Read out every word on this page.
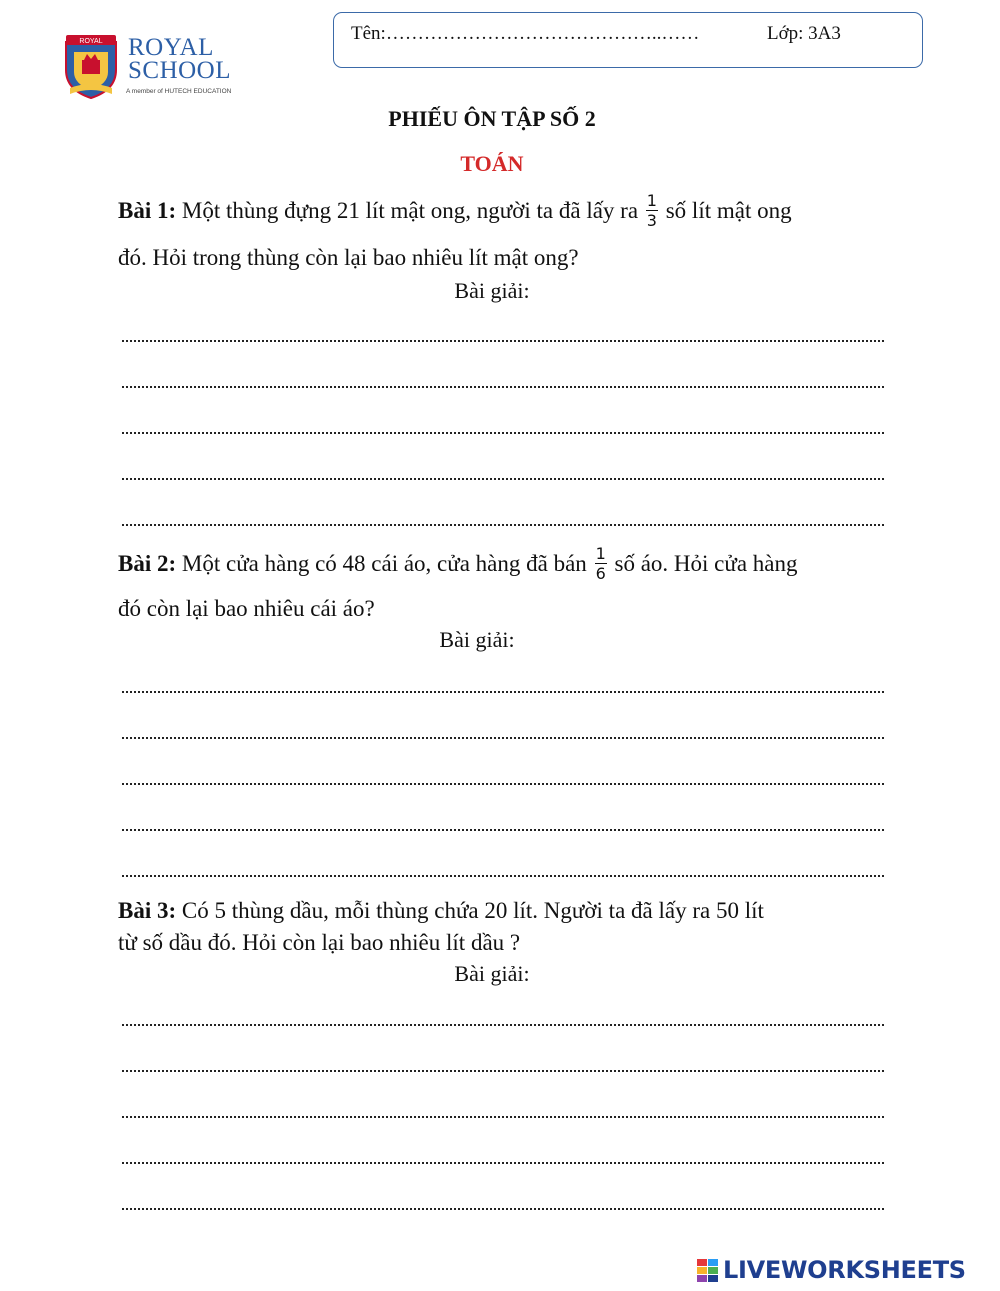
ROYAL ROYAL
SCHOOL
A member of HUTECH EDUCATION
Tên:……………………………………..……	Lớp: 3A3
PHIẾU ÔN TẬP SỐ 2
TOÁN
Bài 1: Một thùng đựng 21 lít mật ong, người ta đã lấy ra $\frac{1}{3}$ số lít mật ong
đó. Hỏi trong thùng còn lại bao nhiêu lít mật ong?
Bài giải:
Bài 2: Một cửa hàng có 48 cái áo, cửa hàng đã bán $\frac{1}{6}$ số áo. Hỏi cửa hàng
đó còn lại bao nhiêu cái áo?
Bài giải:
Bài 3: Có 5 thùng dầu, mỗi thùng chứa 20 lít. Người ta đã lấy ra 50 lít
từ số dầu đó. Hỏi còn lại bao nhiêu lít dầu ?
Bài giải:
LIVEWORKSHEETS
